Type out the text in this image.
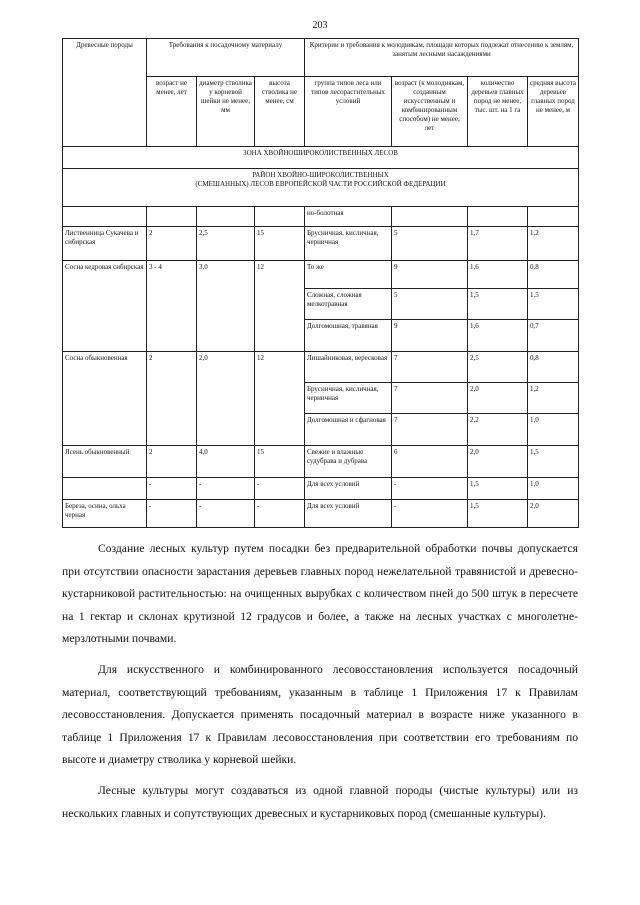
203
Древесные породы	Требования к посадочному материалу			Критерии и требования к молоднякам, площади которых подлежат отнесению к землям, занятым лесными насаждениями			
	возраст не менее, лет	диаметр стволика у корневой шейки не менее, мм	высота стволика не менее, см	группа типов леса или типов лесорастительных условий	возраст (к молоднякам, созданным искусственным и комбинированным способом) не менее, лет	количество деревьев главных пород не менее, тыс. шт. на 1 га	средняя высота деревьев главных пород не менее, м
ЗОНА ХВОЙНОШИРОКОЛИСТВЕННЫХ ЛЕСОВ							
РАЙОН ХВОЙНО-ШИРОКОЛИСТВЕННЫХ
(СМЕШАННЫХ) ЛЕСОВ ЕВРОПЕЙСКОЙ ЧАСТИ РОССИЙСКОЙ ФЕДЕРАЦИИ							
				но-болотная			
Лиственница Сукачева и сибирская	2	2,5	15	Брусничная, кисличная, черничная	5	1,7	1,2
Сосна кедровая сибирская	3 - 4	3,0	12	То же	9	1,6	0,8
				Сложная, сложная мелкотравная	5	1,5	1,5
				Долгомошная, травяная	9	1,6	0,7
Сосна обыкновенная	2	2,0	12	Лишайниковая, вересковая	7	2,5	0,8
				Брусничная, кисличная, черничная	7	2,0	1,2
				Долгомошная и сфагновая	7	2,2	1,0
Ясень обыкновенный	2	4,0	15	Свежие и влажные судубрава и дубрава	6	2,0	1,5
	-	-	-	Для всех условий	-	1,5	1,0
Береза, осина, ольха черная	-	-	-	Для всех условий	-	1,5	2,0

Создание лесных культур путем посадки без предварительной обработки почвы допускается при отсутствии опасности зарастания деревьев главных пород нежелательной травянистой и древесно-кустарниковой растительностью: на очищенных вырубках с количеством пней до 500 штук в пересчете на 1 гектар и склонах крутизной 12 градусов и более, а также на лесных участках с многолетне-мерзлотными почвами.

Для искусственного и комбинированного лесовосстановления используется посадочный материал, соответствующий требованиям, указанным в таблице 1 Приложения 17 к Правилам лесовосстановления. Допускается применять посадочный материал в возрасте ниже указанного в таблице 1 Приложения 17 к Правилам лесовосстановления при соответствии его требованиям по высоте и диаметру стволика у корневой шейки.

Лесные культуры могут создаваться из одной главной породы (чистые культуры) или из нескольких главных и сопутствующих древесных и кустарниковых пород (смешанные культуры).
